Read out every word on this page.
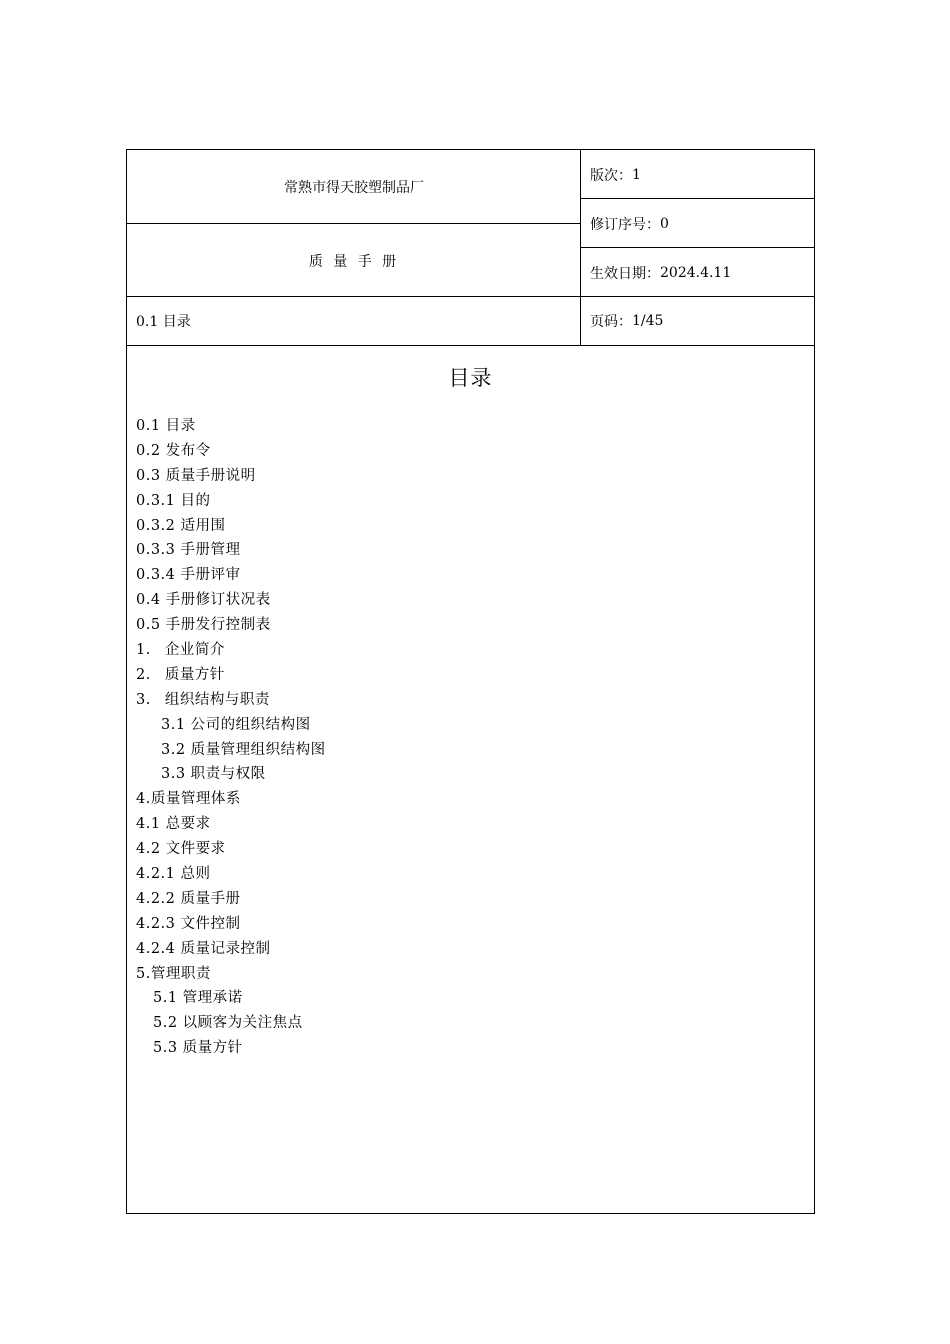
常熟市得天胶塑制品厂
质 量 手 册
0.1 目录
版次： 1
修订序号： 0
生效日期： 2024.4.11
页码： 1/45
目录
0.1 目录
0.2 发布令
0.3 质量手册说明
0.3.1 目的
0.3.2 适用围
0.3.3 手册管理
0.3.4 手册评审
0.4 手册修订状况表
0.5 手册发行控制表
1. 企业简介
2. 质量方针
3. 组织结构与职责
3.1 公司的组织结构图
3.2 质量管理组织结构图
3.3 职责与权限
4.质量管理体系
4.1 总要求
4.2 文件要求
4.2.1 总则
4.2.2 质量手册
4.2.3 文件控制
4.2.4 质量记录控制
5.管理职责
5.1 管理承诺
5.2 以顾客为关注焦点
5.3 质量方针
